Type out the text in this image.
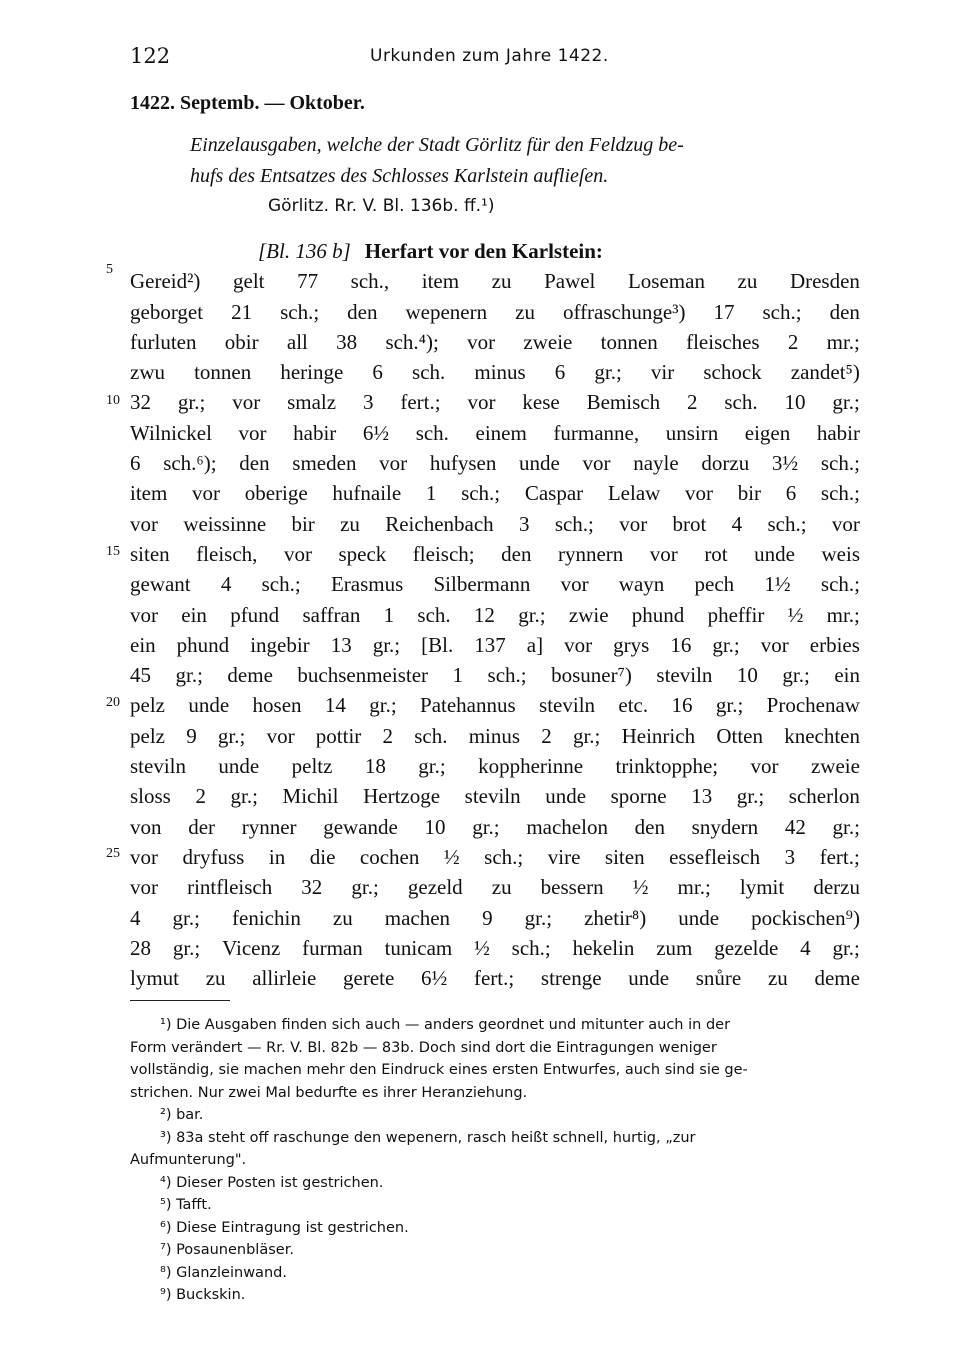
122	Urkunden zum Jahre 1422.
1422. Septemb. — Oktober.
Einzelausgaben, welche der Stadt Görlitz für den Feldzug be-
hufs des Entsatzes des Schlosses Karlstein auflieſen.
Görlitz. Rr. V. Bl. 136b. ff.¹)
5
10
15
20
25
[Bl. 136 b] Herfart vor den Karlstein:
Gereid²) gelt 77 sch., item zu Pawel Loseman zu Dresden
geborget 21 sch.; den wepenern zu offraschunge³) 17 sch.; den
furluten obir all 38 sch.⁴); vor zweie tonnen fleisches 2 mr.;
zwu tonnen heringe 6 sch. minus 6 gr.; vir schock zandet⁵)
32 gr.; vor smalz 3 fert.; vor kese Bemisch 2 sch. 10 gr.;
Wilnickel vor habir 6½ sch. einem furmanne, unsirn eigen habir
6 sch.⁶); den smeden vor hufysen unde vor nayle dorzu 3½ sch.;
item vor oberige hufnaile 1 sch.; Caspar Lelaw vor bir 6 sch.;
vor weissinne bir zu Reichenbach 3 sch.; vor brot 4 sch.; vor
siten fleisch, vor speck fleisch; den rynnern vor rot unde weis
gewant 4 sch.; Erasmus Silbermann vor wayn pech 1½ sch.;
vor ein pfund saffran 1 sch. 12 gr.; zwie phund pheffir ½ mr.;
ein phund ingebir 13 gr.; [Bl. 137 a] vor grys 16 gr.; vor erbies
45 gr.; deme buchsenmeister 1 sch.; bosuner⁷) steviln 10 gr.; ein
pelz unde hosen 14 gr.; Patehannus steviln etc. 16 gr.; Prochenaw
pelz 9 gr.; vor pottir 2 sch. minus 2 gr.; Heinrich Otten knechten
steviln unde peltz 18 gr.; koppherinne trinktopphe; vor zweie
sloss 2 gr.; Michil Hertzoge steviln unde sporne 13 gr.; scherlon
von der rynner gewande 10 gr.; machelon den snydern 42 gr.;
vor dryfuss in die cochen ½ sch.; vire siten essefleisch 3 fert.;
vor rintfleisch 32 gr.; gezeld zu bessern ½ mr.; lymit derzu
4 gr.; fenichin zu machen 9 gr.; zhetir⁸) unde pockischen⁹)
28 gr.; Vicenz furman tunicam ½ sch.; hekelin zum gezelde 4 gr.;
lymut zu allirleie gerete 6½ fert.; strenge unde snůre zu deme
¹) Die Ausgaben finden sich auch — anders geordnet und mitunter auch in der
Form verändert — Rr. V. Bl. 82b — 83b. Doch sind dort die Eintragungen weniger
vollständig, sie machen mehr den Eindruck eines ersten Entwurfes, auch sind sie ge-
strichen. Nur zwei Mal bedurfte es ihrer Heranziehung.
²) bar.
³) 83a steht off raschunge den wepenern, rasch heißt schnell, hurtig, „zur
Aufmunterung".
⁴) Dieser Posten ist gestrichen.
⁵) Tafft.
⁶) Diese Eintragung ist gestrichen.
⁷) Posaunenbläser.
⁸) Glanzleinwand.
⁹) Buckskin.
